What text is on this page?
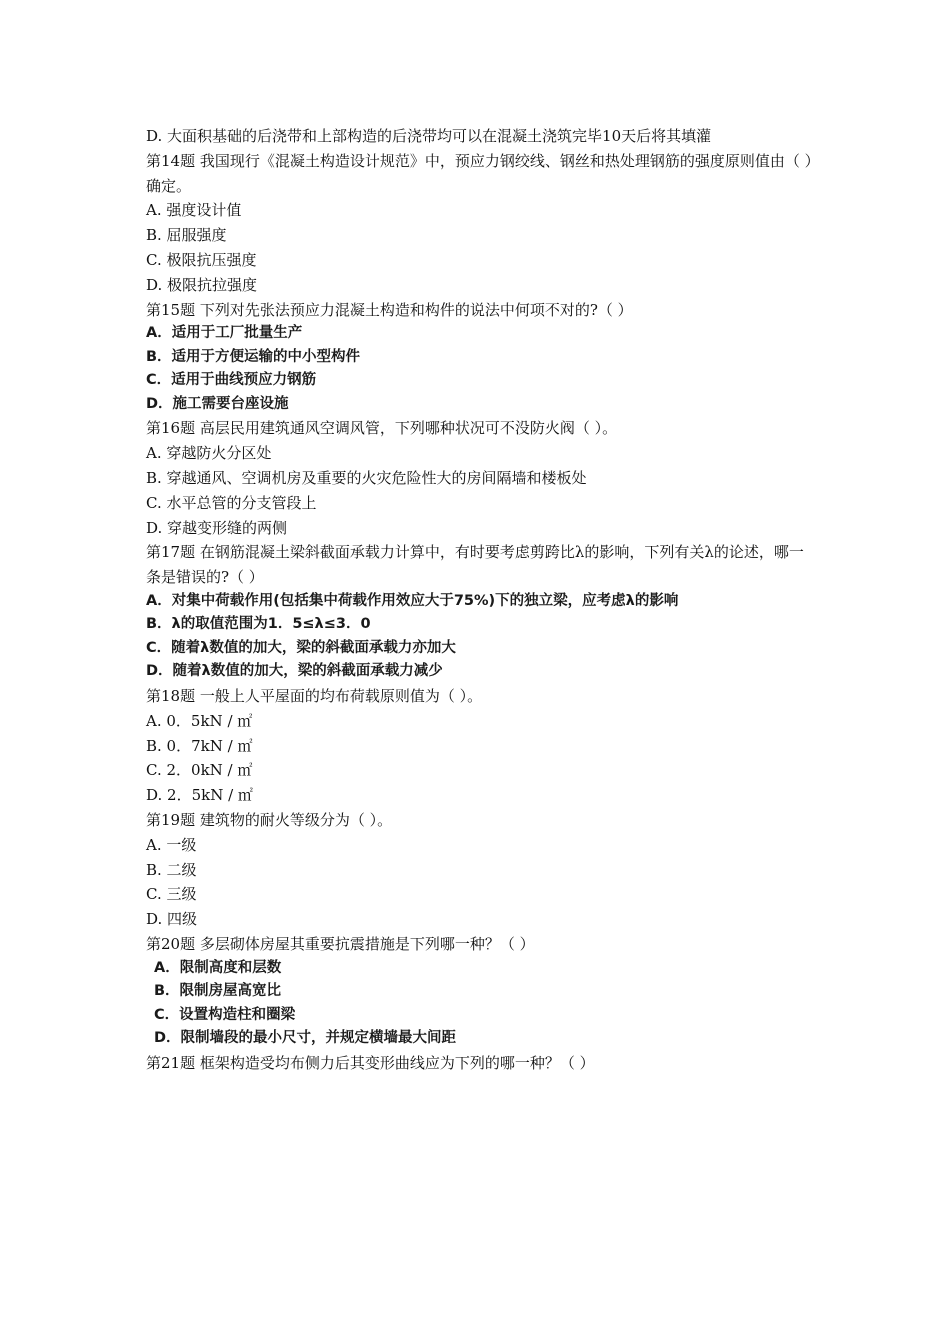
D. 大面积基础的后浇带和上部构造的后浇带均可以在混凝土浇筑完毕10天后将其填灌
第14题 我国现行《混凝土构造设计规范》中，预应力钢绞线、钢丝和热处理钢筋的强度原则值由（ ）确定。
A. 强度设计值
B. 屈服强度
C. 极限抗压强度
D. 极限抗拉强度
第15题 下列对先张法预应力混凝土构造和构件的说法中何项不对的?（ ）
A．适用于工厂批量生产
B．适用于方便运输的中小型构件
C．适用于曲线预应力钢筋
D．施工需要台座设施
第16题 高层民用建筑通风空调风管，下列哪种状况可不没防火阀（ ）。
A. 穿越防火分区处
B. 穿越通风、空调机房及重要的火灾危险性大的房间隔墙和楼板处
C. 水平总管的分支管段上
D. 穿越变形缝的两侧
第17题 在钢筋混凝土梁斜截面承载力计算中，有时要考虑剪跨比λ的影响，下列有关λ的论述，哪一条是错误的?（ ）
A．对集中荷载作用(包括集中荷载作用效应大于75%)下的独立梁，应考虑λ的影响
B．λ的取值范围为1．5≤λ≤3．0
C．随着λ数值的加大，梁的斜截面承载力亦加大
D．随着λ数值的加大，梁的斜截面承载力减少
第18题 一般上人平屋面的均布荷载原则值为（ ）。
A. 0．5kN / ㎡
B. 0．7kN / ㎡
C. 2．0kN / ㎡
D. 2．5kN / ㎡
第19题 建筑物的耐火等级分为（ ）。
A. 一级
B. 二级
C. 三级
D. 四级
第20题 多层砌体房屋其重要抗震措施是下列哪一种？（ ）
A．限制高度和层数
B．限制房屋高宽比
C．设置构造柱和圈梁
D．限制墙段的最小尺寸，并规定横墙最大间距
第21题 框架构造受均布侧力后其变形曲线应为下列的哪一种？（ ）
